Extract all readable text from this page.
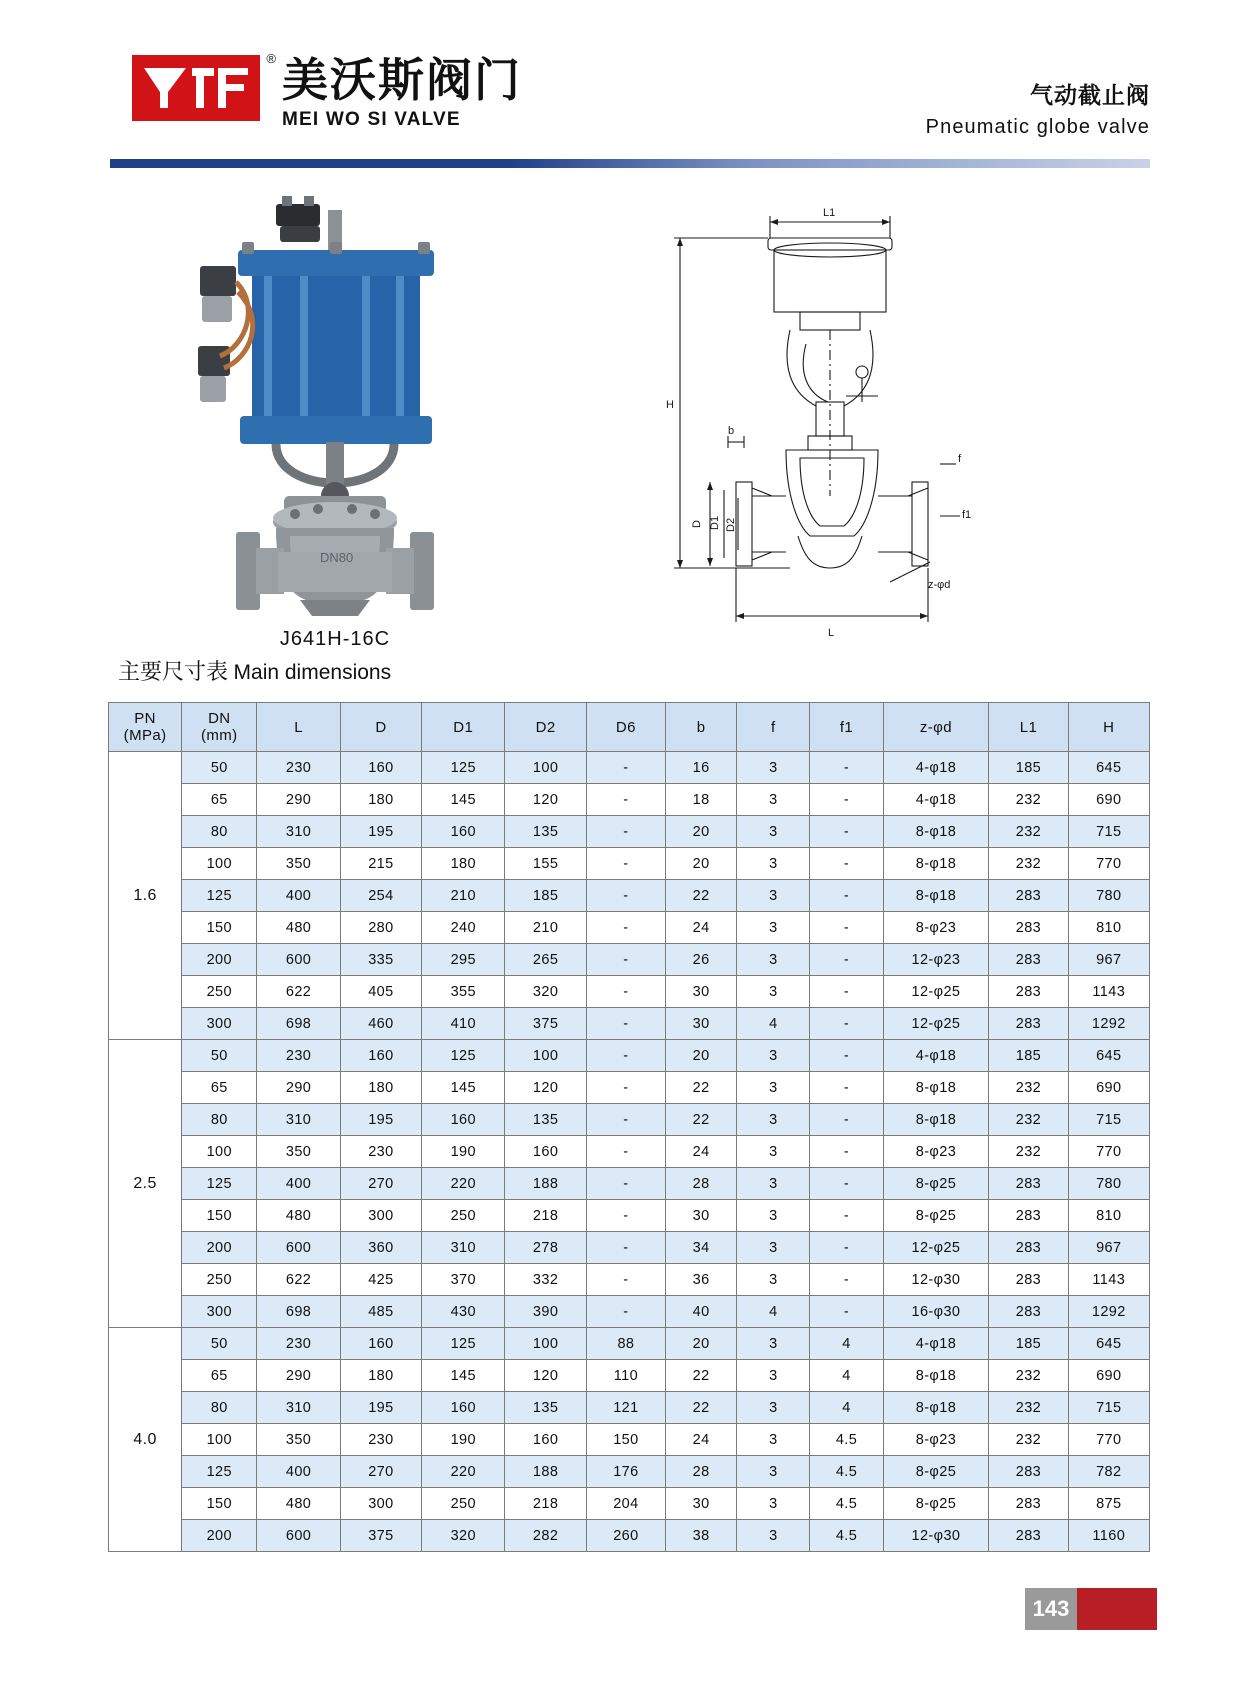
® 美沃斯阀门
MEI WO SI VALVE
气动截止阀
Pneumatic globe valve
DN80
J641H-16C
主要尺寸表 Main dimensions
L1
H
L
b
f
f1
D D1 D2
z-φd
PN
(MPa)

DN
(mm)	L	D	D1	D2	D6	b	f	f1	z-φd	L1	H
1.6	50	230	160	125	100	-	16	3	-	4-φ18	185	645
	65	290	180	145	120	-	18	3	-	4-φ18	232	690
	80	310	195	160	135	-	20	3	-	8-φ18	232	715
	100	350	215	180	155	-	20	3	-	8-φ18	232	770
	125	400	254	210	185	-	22	3	-	8-φ18	283	780
	150	480	280	240	210	-	24	3	-	8-φ23	283	810
	200	600	335	295	265	-	26	3	-	12-φ23	283	967
	250	622	405	355	320	-	30	3	-	12-φ25	283	1143
	300	698	460	410	375	-	30	4	-	12-φ25	283	1292
2.5	50	230	160	125	100	-	20	3	-	4-φ18	185	645
	65	290	180	145	120	-	22	3	-	8-φ18	232	690
	80	310	195	160	135	-	22	3	-	8-φ18	232	715
	100	350	230	190	160	-	24	3	-	8-φ23	232	770
	125	400	270	220	188	-	28	3	-	8-φ25	283	780
	150	480	300	250	218	-	30	3	-	8-φ25	283	810
	200	600	360	310	278	-	34	3	-	12-φ25	283	967
	250	622	425	370	332	-	36	3	-	12-φ30	283	1143
	300	698	485	430	390	-	40	4	-	16-φ30	283	1292
4.0	50	230	160	125	100	88	20	3	4	4-φ18	185	645
	65	290	180	145	120	110	22	3	4	8-φ18	232	690
	80	310	195	160	135	121	22	3	4	8-φ18	232	715
	100	350	230	190	160	150	24	3	4.5	8-φ23	232	770
	125	400	270	220	188	176	28	3	4.5	8-φ25	283	782
	150	480	300	250	218	204	30	3	4.5	8-φ25	283	875
	200	600	375	320	282	260	38	3	4.5	12-φ30	283	1160
143
